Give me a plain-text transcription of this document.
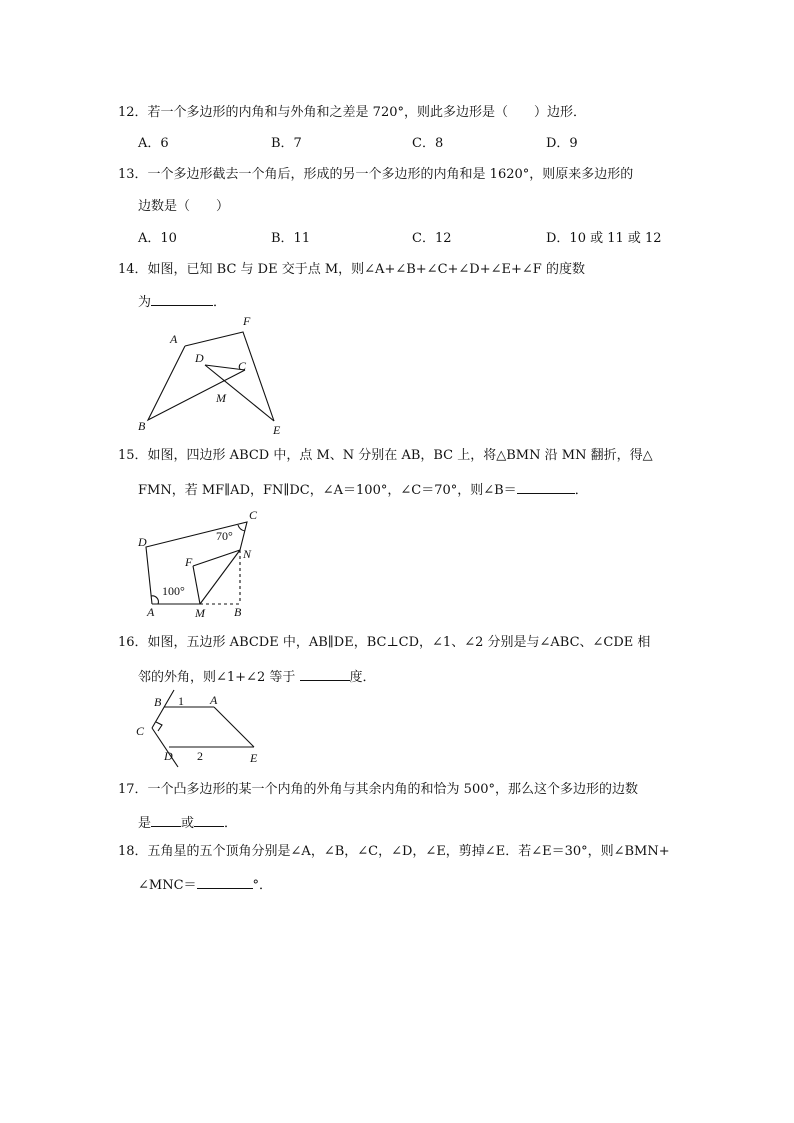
12．若一个多边形的内角和与外角和之差是 720°，则此多边形是（　　）边形．
A．6	B．7	C．8	D．9
13．一个多边形截去一个角后，形成的另一个多边形的内角和是 1620°，则原来多边形的
边数是（　　）
A．10	B．11	C．12	D．10 或 11 或 12
14．如图，已知 BC 与 DE 交于点 M，则∠A+∠B+∠C+∠D+∠E+∠F 的度数
为	．
A
F
D
C
M
B	E
15．如图，四边形 ABCD 中，点 M、N 分别在 AB，BC 上，将△BMN 沿 MN 翻折，得△
FMN，若 MF∥AD，FN∥DC，∠A＝100°，∠C＝70°，则∠B＝	．
C
D	70°
N
F
100°
A	M B
16．如图，五边形 ABCDE 中，AB∥DE，BC⊥CD，∠1、∠2 分别是与∠ABC、∠CDE 相
邻的外角，则∠1+∠2 等于	度．
B 1 A
C
D 2	E
17．一个凸多边形的某一个内角的外角与其余内角的和恰为 500°，那么这个多边形的边数
是 或 ．
18．五角星的五个顶角分别是∠A，∠B，∠C，∠D，∠E，剪掉∠E．若∠E＝30°，则∠BMN+
∠MNC＝	°．
